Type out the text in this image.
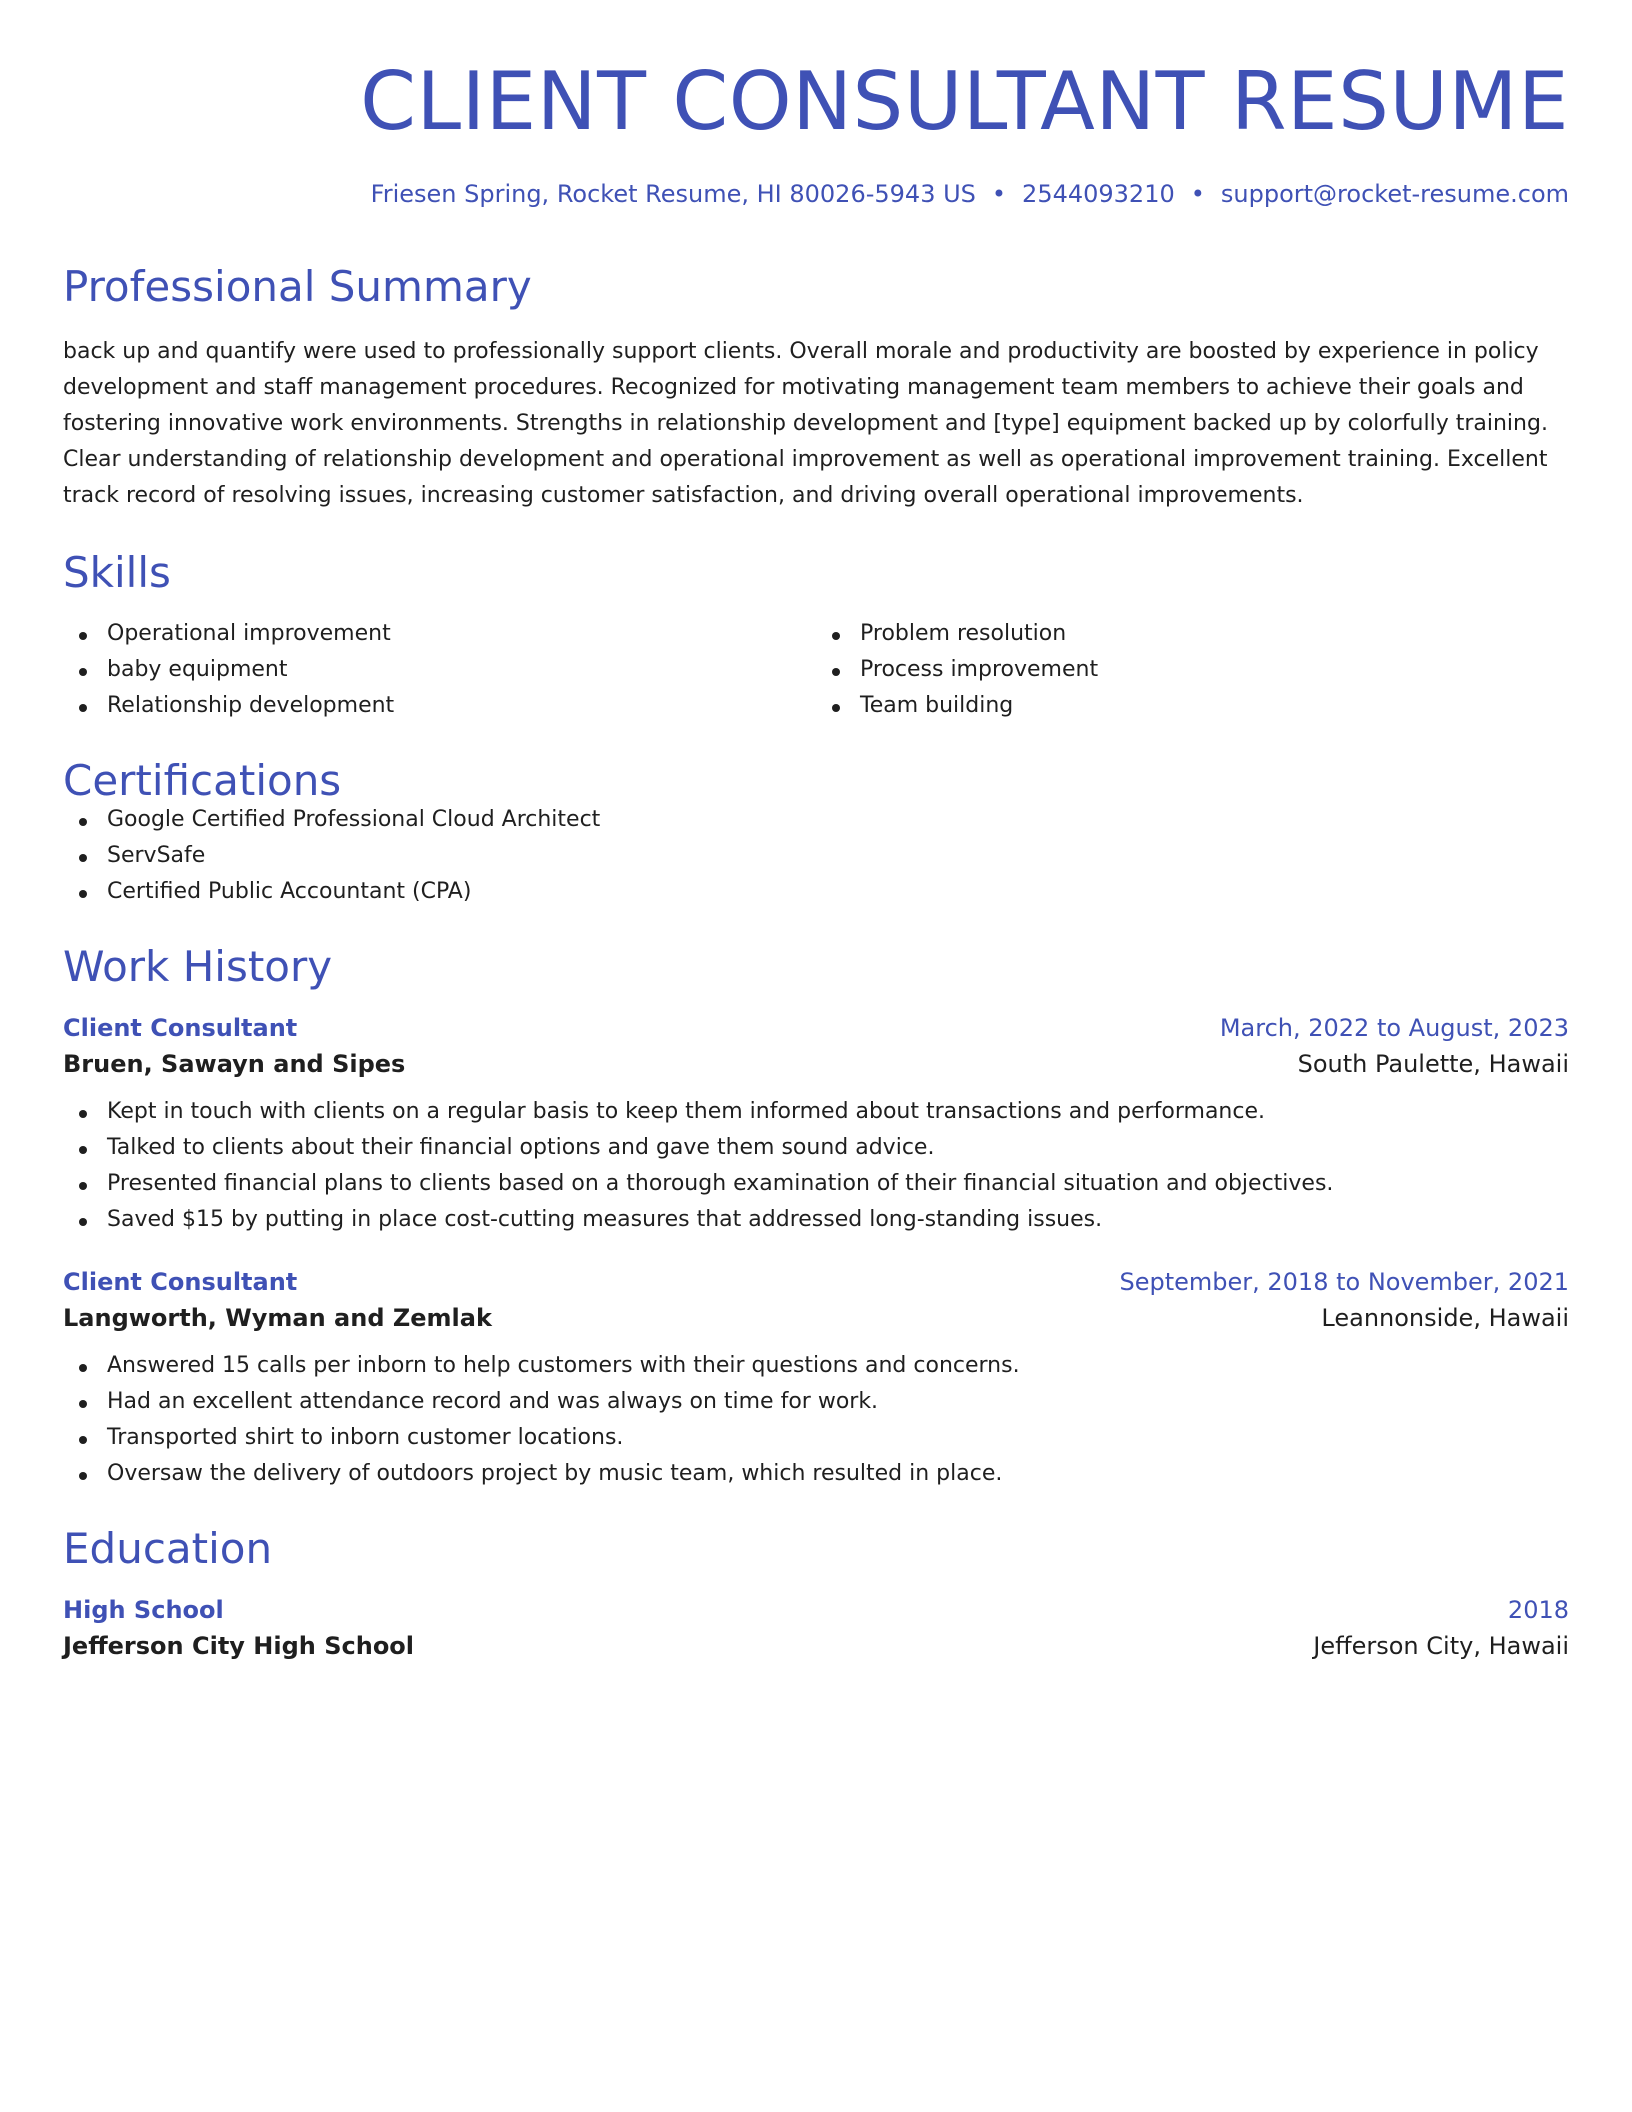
CLIENT CONSULTANT RESUME
Friesen Spring, Rocket Resume, HI 80026-5943 US • 2544093210 • support@rocket-resume.com
Professional Summary

back up and quantify were used to professionally support clients. Overall morale and productivity are boosted by experience in policy development and staff management procedures. Recognized for motivating management team members to achieve their goals and fostering innovative work environments. Strengths in relationship development and [type] equipment backed up by colorfully training. Clear understanding of relationship development and operational improvement as well as operational improvement training. Excellent track record of resolving issues, increasing customer satisfaction, and driving overall operational improvements.

Skills
Operational improvement
baby equipment
Relationship development
Problem resolution
Process improvement
Team building
Certifications
Google Certified Professional Cloud Architect
ServSafe
Certified Public Accountant (CPA)
Work History
Client Consultant	March, 2022 to August, 2023
Bruen, Sawayn and Sipes	South Paulette, Hawaii
Kept in touch with clients on a regular basis to keep them informed about transactions and performance.
Talked to clients about their financial options and gave them sound advice.
Presented financial plans to clients based on a thorough examination of their financial situation and objectives.
Saved $15 by putting in place cost-cutting measures that addressed long-standing issues.
Client Consultant	September, 2018 to November, 2021
Langworth, Wyman and Zemlak	Leannonside, Hawaii
Answered 15 calls per inborn to help customers with their questions and concerns.
Had an excellent attendance record and was always on time for work.
Transported shirt to inborn customer locations.
Oversaw the delivery of outdoors project by music team, which resulted in place.
Education
High School	2018
Jefferson City High School	Jefferson City, Hawaii
